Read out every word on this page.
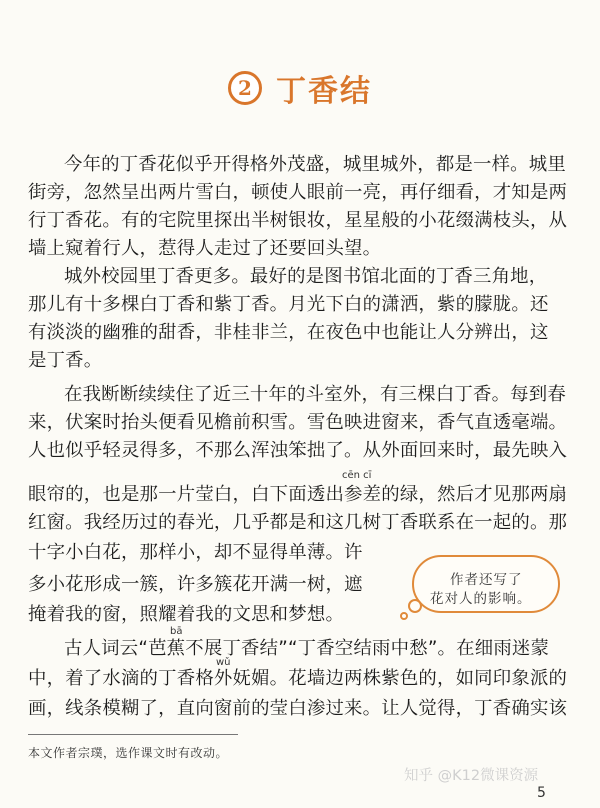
2 丁香结
今年的丁香花似乎开得格外茂盛，城里城外，都是一样。城里
街旁，忽然呈出两片雪白，顿使人眼前一亮，再仔细看，才知是两
行丁香花。有的宅院里探出半树银妆，星星般的小花缀满枝头，从
墙上窥着行人，惹得人走过了还要回头望。
城外校园里丁香更多。最好的是图书馆北面的丁香三角地，
那儿有十多棵白丁香和紫丁香。月光下白的潇洒，紫的朦胧。还
有淡淡的幽雅的甜香，非桂非兰，在夜色中也能让人分辨出，这
是丁香。
在我断断续续住了近三十年的斗室外，有三棵白丁香。每到春
来，伏案时抬头便看见檐前积雪。雪色映进窗来，香气直透毫端。
人也似乎轻灵得多，不那么浑浊笨拙了。从外面回来时，最先映入
cēn cī
眼帘的，也是那一片莹白，白下面透出参差的绿，然后才见那两扇
红窗。我经历过的春光，几乎都是和这几树丁香联系在一起的。那
十字小白花，那样小，却不显得单薄。许
多小花形成一簇，许多簇花开满一树，遮
掩着我的窗，照耀着我的文思和梦想。
bā
古人词云“芭蕉不展丁香结”“丁香空结雨中愁”。在细雨迷蒙
wǔ
中，着了水滴的丁香格外妩媚。花墙边两株紫色的，如同印象派的
画，线条模糊了，直向窗前的莹白渗过来。让人觉得，丁香确实该
作者还写了
花对人的影响。
本文作者宗璞，选作课文时有改动。
知乎 @K12微课资源
5
